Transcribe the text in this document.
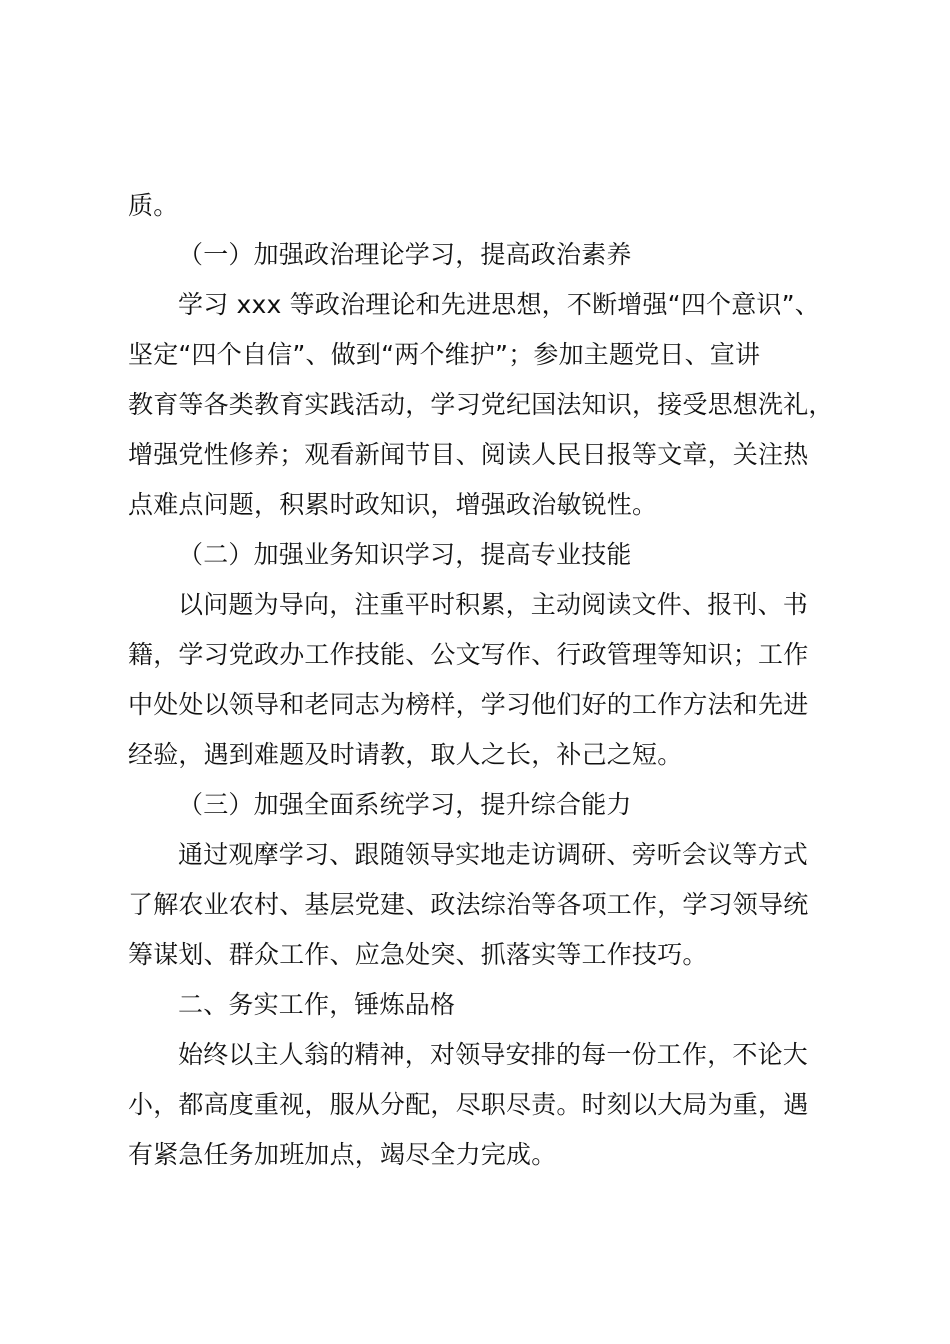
质。
（一）加强政治理论学习，提高政治素养
学习 xxx 等政治理论和先进思想，不断增强“四个意识”、
坚定“四个自信”、做到“两个维护”；参加主题党日、宣讲
教育等各类教育实践活动，学习党纪国法知识，接受思想洗礼，
增强党性修养；观看新闻节目、阅读人民日报等文章，关注热
点难点问题，积累时政知识，增强政治敏锐性。
（二）加强业务知识学习，提高专业技能
以问题为导向，注重平时积累，主动阅读文件、报刊、书
籍，学习党政办工作技能、公文写作、行政管理等知识；工作
中处处以领导和老同志为榜样，学习他们好的工作方法和先进
经验，遇到难题及时请教，取人之长，补己之短。
（三）加强全面系统学习，提升综合能力
通过观摩学习、跟随领导实地走访调研、旁听会议等方式
了解农业农村、基层党建、政法综治等各项工作，学习领导统
筹谋划、群众工作、应急处突、抓落实等工作技巧。
二、务实工作，锤炼品格
始终以主人翁的精神，对领导安排的每一份工作，不论大
小，都高度重视，服从分配，尽职尽责。时刻以大局为重，遇
有紧急任务加班加点，竭尽全力完成。
